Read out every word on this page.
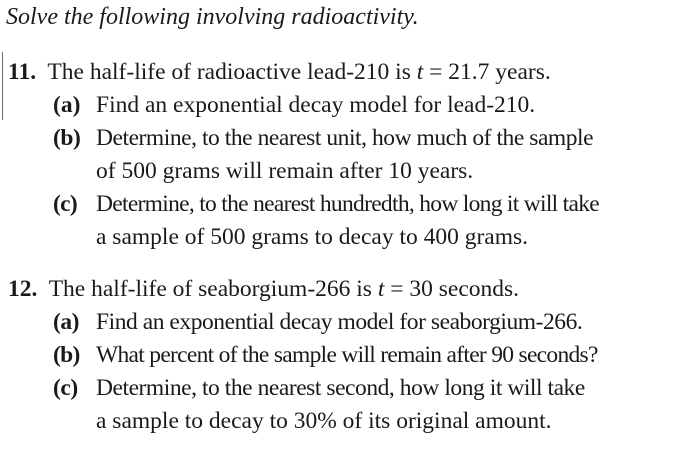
Solve the following involving radioactivity.
11. The half-life of radioactive lead-210 is t = 21.7 years.
(a) Find an exponential decay model for lead-210.
(b) Determine, to the nearest unit, how much of the sample
of 500 grams will remain after 10 years.
(c) Determine, to the nearest hundredth, how long it will take
a sample of 500 grams to decay to 400 grams.
12. The half-life of seaborgium-266 is t = 30 seconds.
(a) Find an exponential decay model for seaborgium-266.
(b) What percent of the sample will remain after 90 seconds?
(c) Determine, to the nearest second, how long it will take
a sample to decay to 30% of its original amount.
